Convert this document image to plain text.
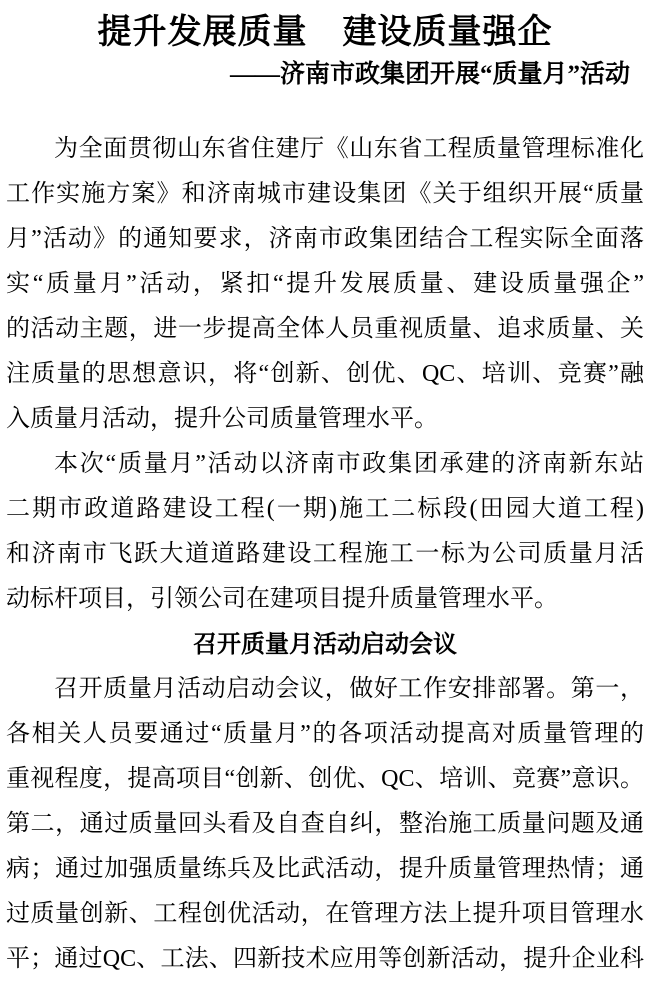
提升发展质量　建设质量强企
——济南市政集团开展“质量月”活动
为全面贯彻山东省住建厅《山东省工程质量管理标准化
工作实施方案》和济南城市建设集团《关于组织开展“质量
月”活动》的通知要求，济南市政集团结合工程实际全面落
实“质量月”活动，紧扣“提升发展质量、建设质量强企”
的活动主题，进一步提高全体人员重视质量、追求质量、关
注质量的思想意识，将“创新、创优、QC、培训、竞赛”融
入质量月活动，提升公司质量管理水平。
本次“质量月”活动以济南市政集团承建的济南新东站
二期市政道路建设工程(一期)施工二标段(田园大道工程)
和济南市飞跃大道道路建设工程施工一标为公司质量月活
动标杆项目，引领公司在建项目提升质量管理水平。
召开质量月活动启动会议
召开质量月活动启动会议，做好工作安排部署。第一，
各相关人员要通过“质量月”的各项活动提高对质量管理的
重视程度，提高项目“创新、创优、QC、培训、竞赛”意识。
第二，通过质量回头看及自查自纠，整治施工质量问题及通
病；通过加强质量练兵及比武活动，提升质量管理热情；通
过质量创新、工程创优活动，在管理方法上提升项目管理水
平；通过QC、工法、四新技术应用等创新活动，提升企业科
